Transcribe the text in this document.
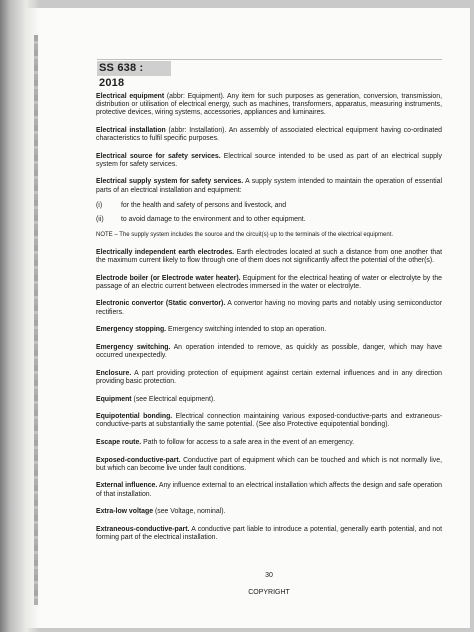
SS 638 : 2018

Electrical equipment (abbr: Equipment). Any item for such purposes as generation, conversion, transmission, distribution or utilisation of electrical energy, such as machines, transformers, apparatus, measuring instruments, protective devices, wiring systems, accessories, appliances and luminaires.

Electrical installation (abbr: Installation). An assembly of associated electrical equipment having co-ordinated characteristics to fulfil specific purposes.

Electrical source for safety services. Electrical source intended to be used as part of an electrical supply system for safety services.

Electrical supply system for safety services. A supply system intended to maintain the operation of essential parts of an electrical installation and equipment:

(i)	for the health and safety of persons and livestock, and
(ii)	to avoid damage to the environment and to other equipment.

NOTE – The supply system includes the source and the circuit(s) up to the terminals of the electrical equipment.

Electrically independent earth electrodes. Earth electrodes located at such a distance from one another that the maximum current likely to flow through one of them does not significantly affect the potential of the other(s).

Electrode boiler (or Electrode water heater). Equipment for the electrical heating of water or electrolyte by the passage of an electric current between electrodes immersed in the water or electrolyte.

Electronic convertor (Static convertor). A convertor having no moving parts and notably using semiconductor rectifiers.

Emergency stopping. Emergency switching intended to stop an operation.

Emergency switching. An operation intended to remove, as quickly as possible, danger, which may have occurred unexpectedly.

Enclosure. A part providing protection of equipment against certain external influences and in any direction providing basic protection.

Equipment (see Electrical equipment).

Equipotential bonding. Electrical connection maintaining various exposed-conductive-parts and extraneous-conductive-parts at substantially the same potential. (See also Protective equipotential bonding).

Escape route. Path to follow for access to a safe area in the event of an emergency.

Exposed-conductive-part. Conductive part of equipment which can be touched and which is not normally live, but which can become live under fault conditions.

External influence. Any influence external to an electrical installation which affects the design and safe operation of that installation.

Extra-low voltage (see Voltage, nominal).

Extraneous-conductive-part. A conductive part liable to introduce a potential, generally earth potential, and not forming part of the electrical installation.

30
COPYRIGHT
